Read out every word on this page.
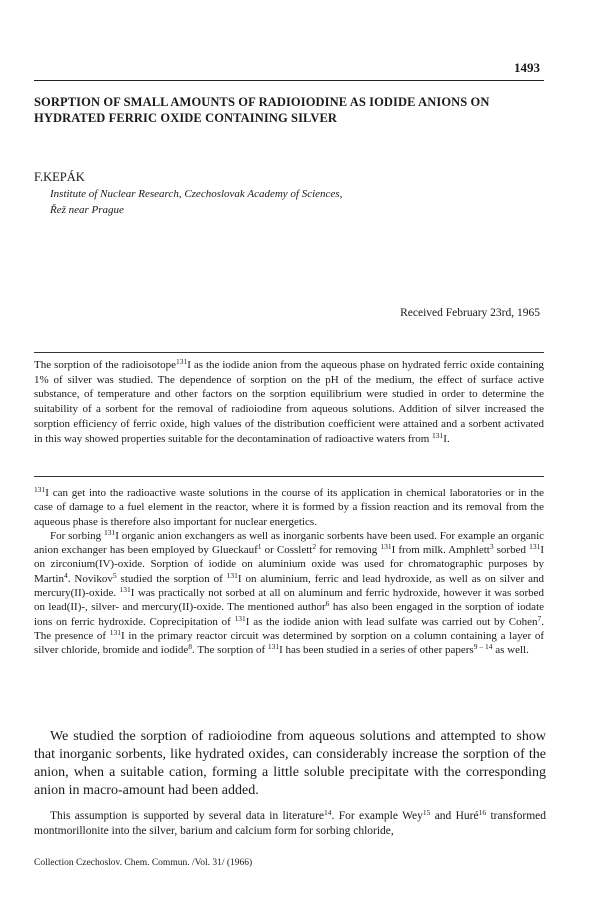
1493
SORPTION OF SMALL AMOUNTS OF RADIOIODINE AS IODIDE ANIONS ON HYDRATED FERRIC OXIDE CONTAINING SILVER
F.KEPÁK
Institute of Nuclear Research, Czechoslovak Academy of Sciences,
Řež near Prague
Received February 23rd, 1965
The sorption of the radioisotope$^{131}$I as the iodide anion from the aqueous phase on hydrated ferric oxide containing 1% of silver was studied. The dependence of sorption on the pH of the medium, the effect of surface active substance, of temperature and other factors on the sorption equilibrium were studied in order to determine the suitability of a sorbent for the removal of radioiodine from aqueous solutions. Addition of silver increased the sorption efficiency of ferric oxide, high values of the distribution coefficient were attained and a sorbent activated in this way showed properties suitable for the decontamination of radioactive waters from $^{131}$I.

$^{131}$I can get into the radioactive waste solutions in the course of its application in chemical laboratories or in the case of damage to a fuel element in the reactor, where it is formed by a fission reaction and its removal from the aqueous phase is therefore also important for nuclear energetics.

For sorbing $^{131}$I organic anion exchangers as well as inorganic sorbents have been used. For example an organic anion exchanger has been employed by Glueckauf$^1$ or Cosslett$^2$ for removing $^{131}$I from milk. Amphlett$^3$ sorbed $^{131}$I on zirconium(IV)-oxide. Sorption of iodide on aluminium oxide was used for chromatographic purposes by Martin$^4$. Novikov$^5$ studied the sorption of $^{131}$I on aluminium, ferric and lead hydroxide, as well as on silver and mercury(II)-oxide. $^{131}$I was practically not sorbed at all on aluminum and ferric hydroxide, however it was sorbed on lead(II)-, silver- and mercury(II)-oxide. The mentioned author$^6$ has also been engaged in the sorption of iodate ions on ferric hydroxide. Coprecipitation of $^{131}$I as the iodide anion with lead sulfate was carried out by Cohen$^7$. The presence of $^{131}$I in the primary reactor circuit was determined by sorption on a column containing a layer of silver chloride, bromide and iodide$^8$. The sorption of $^{131}$I has been studied in a series of other papers$^{9 - 14}$ as well.

We studied the sorption of radioiodine from aqueous solutions and attempted to show that inorganic sorbents, like hydrated oxides, can considerably increase the sorption of the anion, when a suitable cation, forming a little soluble precipitate with the corresponding anion in macro-amount had been added.

This assumption is supported by several data in literature$^{14}$. For example Wey$^{15}$ and Huré$^{16}$ transformed montmorillonite into the silver, barium and calcium form for sorbing chloride,

Collection Czechoslov. Chem. Commun. /Vol. 31/ (1966)
